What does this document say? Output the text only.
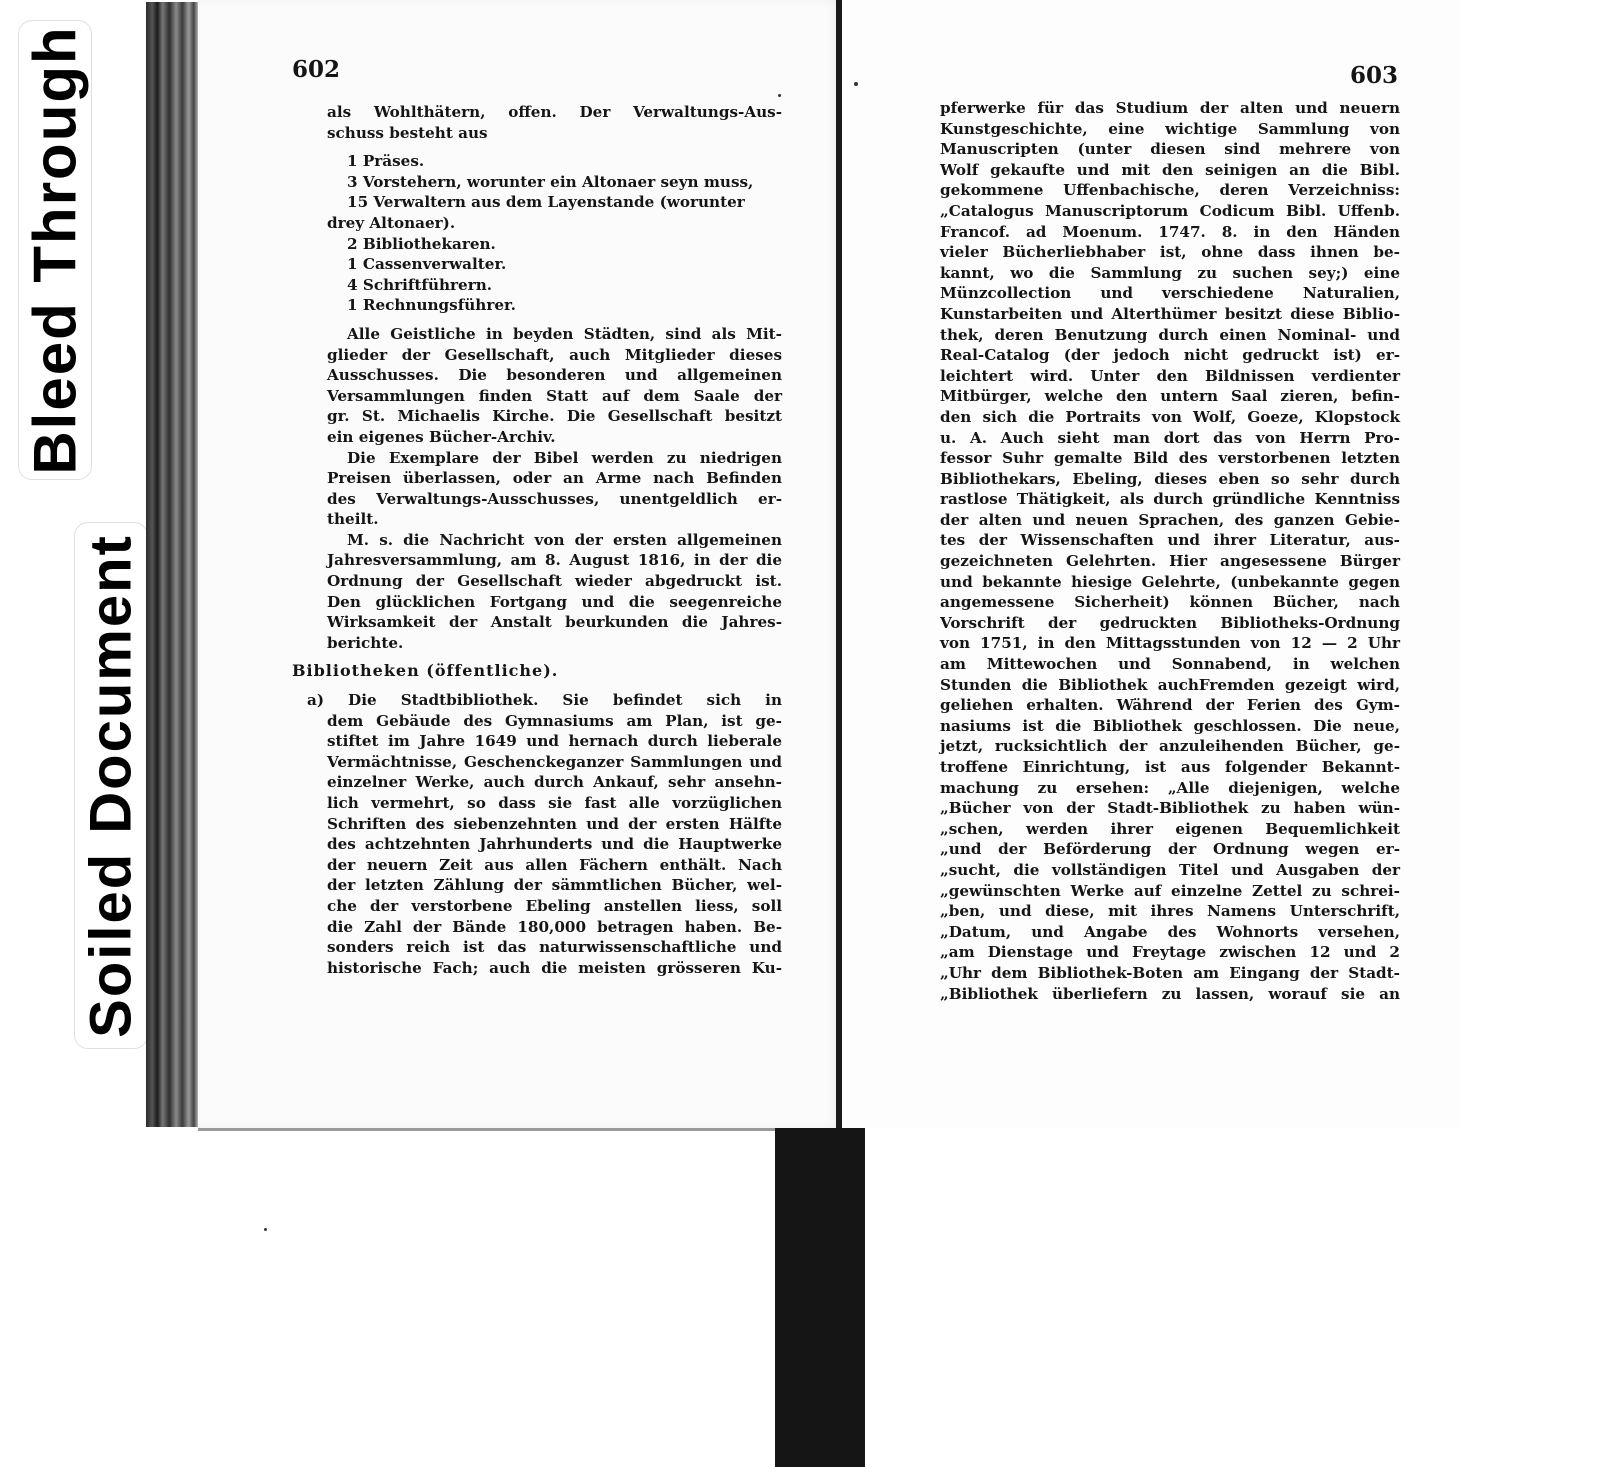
Bleed Through
Soiled Document
602	603

als Wohlthätern, offen. Der Verwaltungs-Aus-

schuss besteht aus

1 Präses.

3 Vorstehern, worunter ein Altonaer seyn muss,

15 Verwaltern aus dem Layenstande (worunter

drey Altonaer).

2 Bibliothekaren.

1 Cassenverwalter.

4 Schriftführern.

1 Rechnungsführer.

Alle Geistliche in beyden Städten, sind als Mit-

glieder der Gesellschaft, auch Mitglieder dieses

Ausschusses. Die besonderen und allgemeinen

Versammlungen finden Statt auf dem Saale der

gr. St. Michaelis Kirche. Die Gesellschaft besitzt

ein eigenes Bücher-Archiv.

Die Exemplare der Bibel werden zu niedrigen

Preisen überlassen, oder an Arme nach Befinden

des Verwaltungs-Ausschusses, unentgeldlich er-

theilt.

M. s. die Nachricht von der ersten allgemeinen

Jahresversammlung, am 8. August 1816, in der die

Ordnung der Gesellschaft wieder abgedruckt ist.

Den glücklichen Fortgang und die seegenreiche

Wirksamkeit der Anstalt beurkunden die Jahres-

berichte.

Bibliotheken (öffentliche).

a) Die Stadtbibliothek. Sie befindet sich in

dem Gebäude des Gymnasiums am Plan, ist ge-

stiftet im Jahre 1649 und hernach durch lieberale

Vermächtnisse, Geschenckeganzer Sammlungen und

einzelner Werke, auch durch Ankauf, sehr ansehn-

lich vermehrt, so dass sie fast alle vorzüglichen

Schriften des siebenzehnten und der ersten Hälfte

des achtzehnten Jahrhunderts und die Hauptwerke

der neuern Zeit aus allen Fächern enthält. Nach

der letzten Zählung der sämmtlichen Bücher, wel-

che der verstorbene Ebeling anstellen liess, soll

die Zahl der Bände 180,000 betragen haben. Be-

sonders reich ist das naturwissenschaftliche und

historische Fach; auch die meisten grösseren Ku-

pferwerke für das Studium der alten und neuern

Kunstgeschichte, eine wichtige Sammlung von

Manuscripten (unter diesen sind mehrere von

Wolf gekaufte und mit den seinigen an die Bibl.

gekommene Uffenbachische, deren Verzeichniss:

„Catalogus Manuscriptorum Codicum Bibl. Uffenb.

Francof. ad Moenum. 1747. 8. in den Händen

vieler Bücherliebhaber ist, ohne dass ihnen be-

kannt, wo die Sammlung zu suchen sey;) eine

Münzcollection und verschiedene Naturalien,

Kunstarbeiten und Alterthümer besitzt diese Biblio-

thek, deren Benutzung durch einen Nominal- und

Real-Catalog (der jedoch nicht gedruckt ist) er-

leichtert wird. Unter den Bildnissen verdienter

Mitbürger, welche den untern Saal zieren, befin-

den sich die Portraits von Wolf, Goeze, Klopstock

u. A. Auch sieht man dort das von Herrn Pro-

fessor Suhr gemalte Bild des verstorbenen letzten

Bibliothekars, Ebeling, dieses eben so sehr durch

rastlose Thätigkeit, als durch gründliche Kenntniss

der alten und neuen Sprachen, des ganzen Gebie-

tes der Wissenschaften und ihrer Literatur, aus-

gezeichneten Gelehrten. Hier angesessene Bürger

und bekannte hiesige Gelehrte, (unbekannte gegen

angemessene Sicherheit) können Bücher, nach

Vorschrift der gedruckten Bibliotheks-Ordnung

von 1751, in den Mittagsstunden von 12 — 2 Uhr

am Mittewochen und Sonnabend, in welchen

Stunden die Bibliothek auchFremden gezeigt wird,

geliehen erhalten. Während der Ferien des Gym-

nasiums ist die Bibliothek geschlossen. Die neue,

jetzt, rucksichtlich der anzuleihenden Bücher, ge-

troffene Einrichtung, ist aus folgender Bekannt-

machung zu ersehen: „Alle diejenigen, welche

„Bücher von der Stadt-Bibliothek zu haben wün-

„schen, werden ihrer eigenen Bequemlichkeit

„und der Beförderung der Ordnung wegen er-

„sucht, die vollständigen Titel und Ausgaben der

„gewünschten Werke auf einzelne Zettel zu schrei-

„ben, und diese, mit ihres Namens Unterschrift,

„Datum, und Angabe des Wohnorts versehen,

„am Dienstage und Freytage zwischen 12 und 2

„Uhr dem Bibliothek-Boten am Eingang der Stadt-

„Bibliothek überliefern zu lassen, worauf sie an
